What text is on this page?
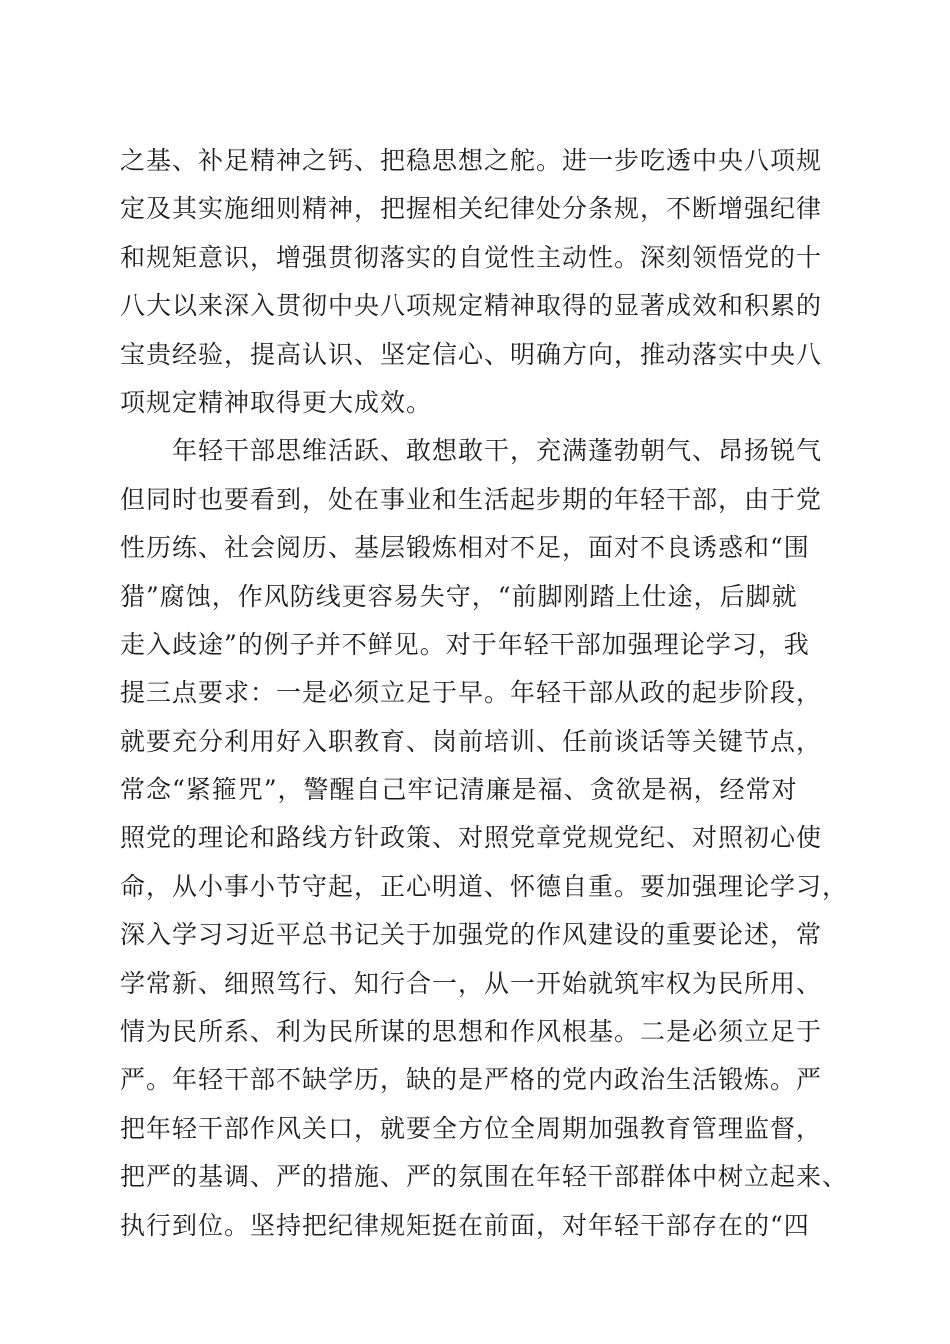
之基、补足精神之钙、把稳思想之舵。进一步吃透中央八项规
定及其实施细则精神，把握相关纪律处分条规，不断增强纪律
和规矩意识，增强贯彻落实的自觉性主动性。深刻领悟党的十
八大以来深入贯彻中央八项规定精神取得的显著成效和积累的
宝贵经验，提高认识、坚定信心、明确方向，推动落实中央八
项规定精神取得更大成效。
年轻干部思维活跃、敢想敢干，充满蓬勃朝气、昂扬锐气
但同时也要看到，处在事业和生活起步期的年轻干部，由于党
性历练、社会阅历、基层锻炼相对不足，面对不良诱惑和“围
猎”腐蚀，作风防线更容易失守，“前脚刚踏上仕途，后脚就
走入歧途”的例子并不鲜见。对于年轻干部加强理论学习，我
提三点要求：一是必须立足于早。年轻干部从政的起步阶段，
就要充分利用好入职教育、岗前培训、任前谈话等关键节点，
常念“紧箍咒”，警醒自己牢记清廉是福、贪欲是祸，经常对
照党的理论和路线方针政策、对照党章党规党纪、对照初心使
命，从小事小节守起，正心明道、怀德自重。要加强理论学习，
深入学习习近平总书记关于加强党的作风建设的重要论述，常
学常新、细照笃行、知行合一，从一开始就筑牢权为民所用、
情为民所系、利为民所谋的思想和作风根基。二是必须立足于
严。年轻干部不缺学历，缺的是严格的党内政治生活锻炼。严
把年轻干部作风关口，就要全方位全周期加强教育管理监督，
把严的基调、严的措施、严的氛围在年轻干部群体中树立起来、
执行到位。坚持把纪律规矩挺在前面，对年轻干部存在的“四
